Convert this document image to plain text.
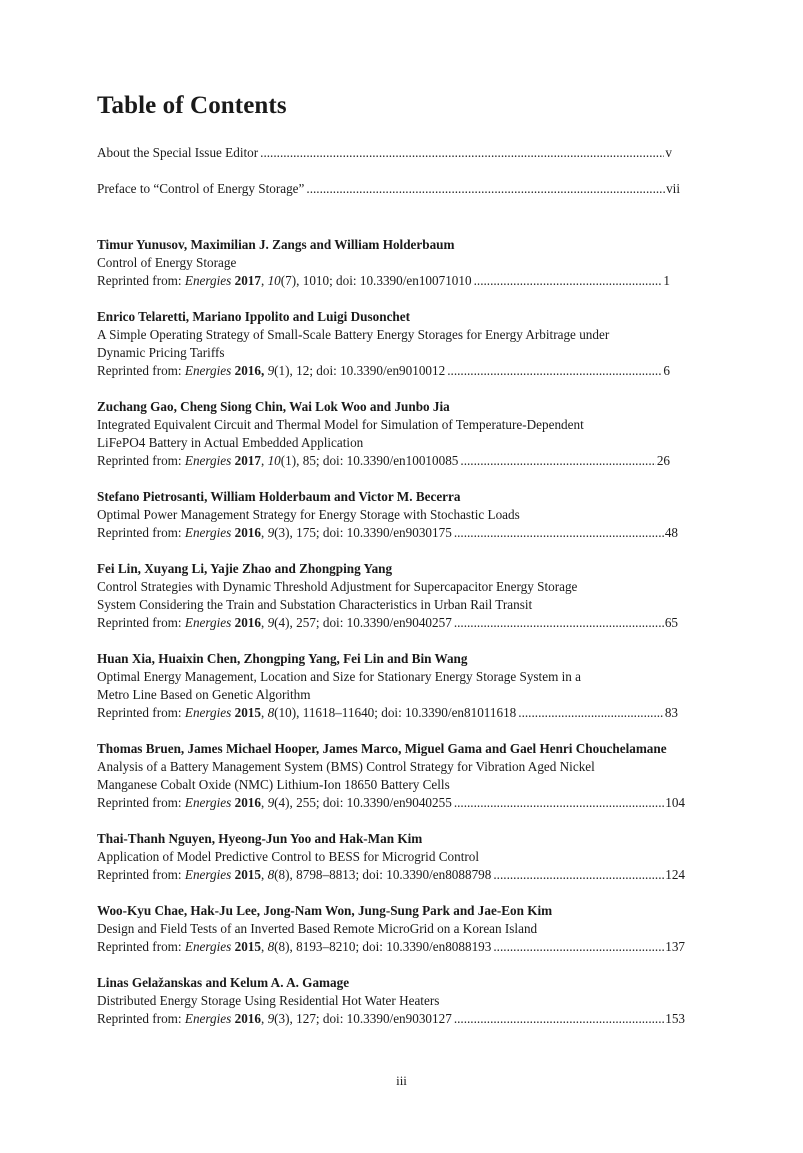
Table of Contents
About the Special Issue Editor .....	v
Preface to “Control of Energy Storage” .....	vii
Timur Yunusov, Maximilian J. Zangs and William Holderbaum
Control of Energy Storage
Reprinted from: Energies 2017, 10(7), 1010; doi: 10.3390/en10071010 .....	1
Enrico Telaretti, Mariano Ippolito and Luigi Dusonchet
A Simple Operating Strategy of Small-Scale Battery Energy Storages for Energy Arbitrage under
Dynamic Pricing Tariffs
Reprinted from: Energies 2016, 9(1), 12; doi: 10.3390/en9010012 .....	6
Zuchang Gao, Cheng Siong Chin, Wai Lok Woo and Junbo Jia
Integrated Equivalent Circuit and Thermal Model for Simulation of Temperature-Dependent
LiFePO4 Battery in Actual Embedded Application
Reprinted from: Energies 2017, 10(1), 85; doi: 10.3390/en10010085 .....	26
Stefano Pietrosanti, William Holderbaum and Victor M. Becerra
Optimal Power Management Strategy for Energy Storage with Stochastic Loads
Reprinted from: Energies 2016, 9(3), 175; doi: 10.3390/en9030175 .....	48
Fei Lin, Xuyang Li, Yajie Zhao and Zhongping Yang
Control Strategies with Dynamic Threshold Adjustment for Supercapacitor Energy Storage
System Considering the Train and Substation Characteristics in Urban Rail Transit
Reprinted from: Energies 2016, 9(4), 257; doi: 10.3390/en9040257 .....	65
Huan Xia, Huaixin Chen, Zhongping Yang, Fei Lin and Bin Wang
Optimal Energy Management, Location and Size for Stationary Energy Storage System in a
Metro Line Based on Genetic Algorithm
Reprinted from: Energies 2015, 8(10), 11618–11640; doi: 10.3390/en81011618 .....	83
Thomas Bruen, James Michael Hooper, James Marco, Miguel Gama and Gael Henri Chouchelamane
Analysis of a Battery Management System (BMS) Control Strategy for Vibration Aged Nickel
Manganese Cobalt Oxide (NMC) Lithium-Ion 18650 Battery Cells
Reprinted from: Energies 2016, 9(4), 255; doi: 10.3390/en9040255 .....	104
Thai-Thanh Nguyen, Hyeong-Jun Yoo and Hak-Man Kim
Application of Model Predictive Control to BESS for Microgrid Control
Reprinted from: Energies 2015, 8(8), 8798–8813; doi: 10.3390/en8088798 .....	124
Woo-Kyu Chae, Hak-Ju Lee, Jong-Nam Won, Jung-Sung Park and Jae-Eon Kim
Design and Field Tests of an Inverted Based Remote MicroGrid on a Korean Island
Reprinted from: Energies 2015, 8(8), 8193–8210; doi: 10.3390/en8088193 .....	137
Linas Gelažanskas and Kelum A. A. Gamage
Distributed Energy Storage Using Residential Hot Water Heaters
Reprinted from: Energies 2016, 9(3), 127; doi: 10.3390/en9030127 .....	153
iii
